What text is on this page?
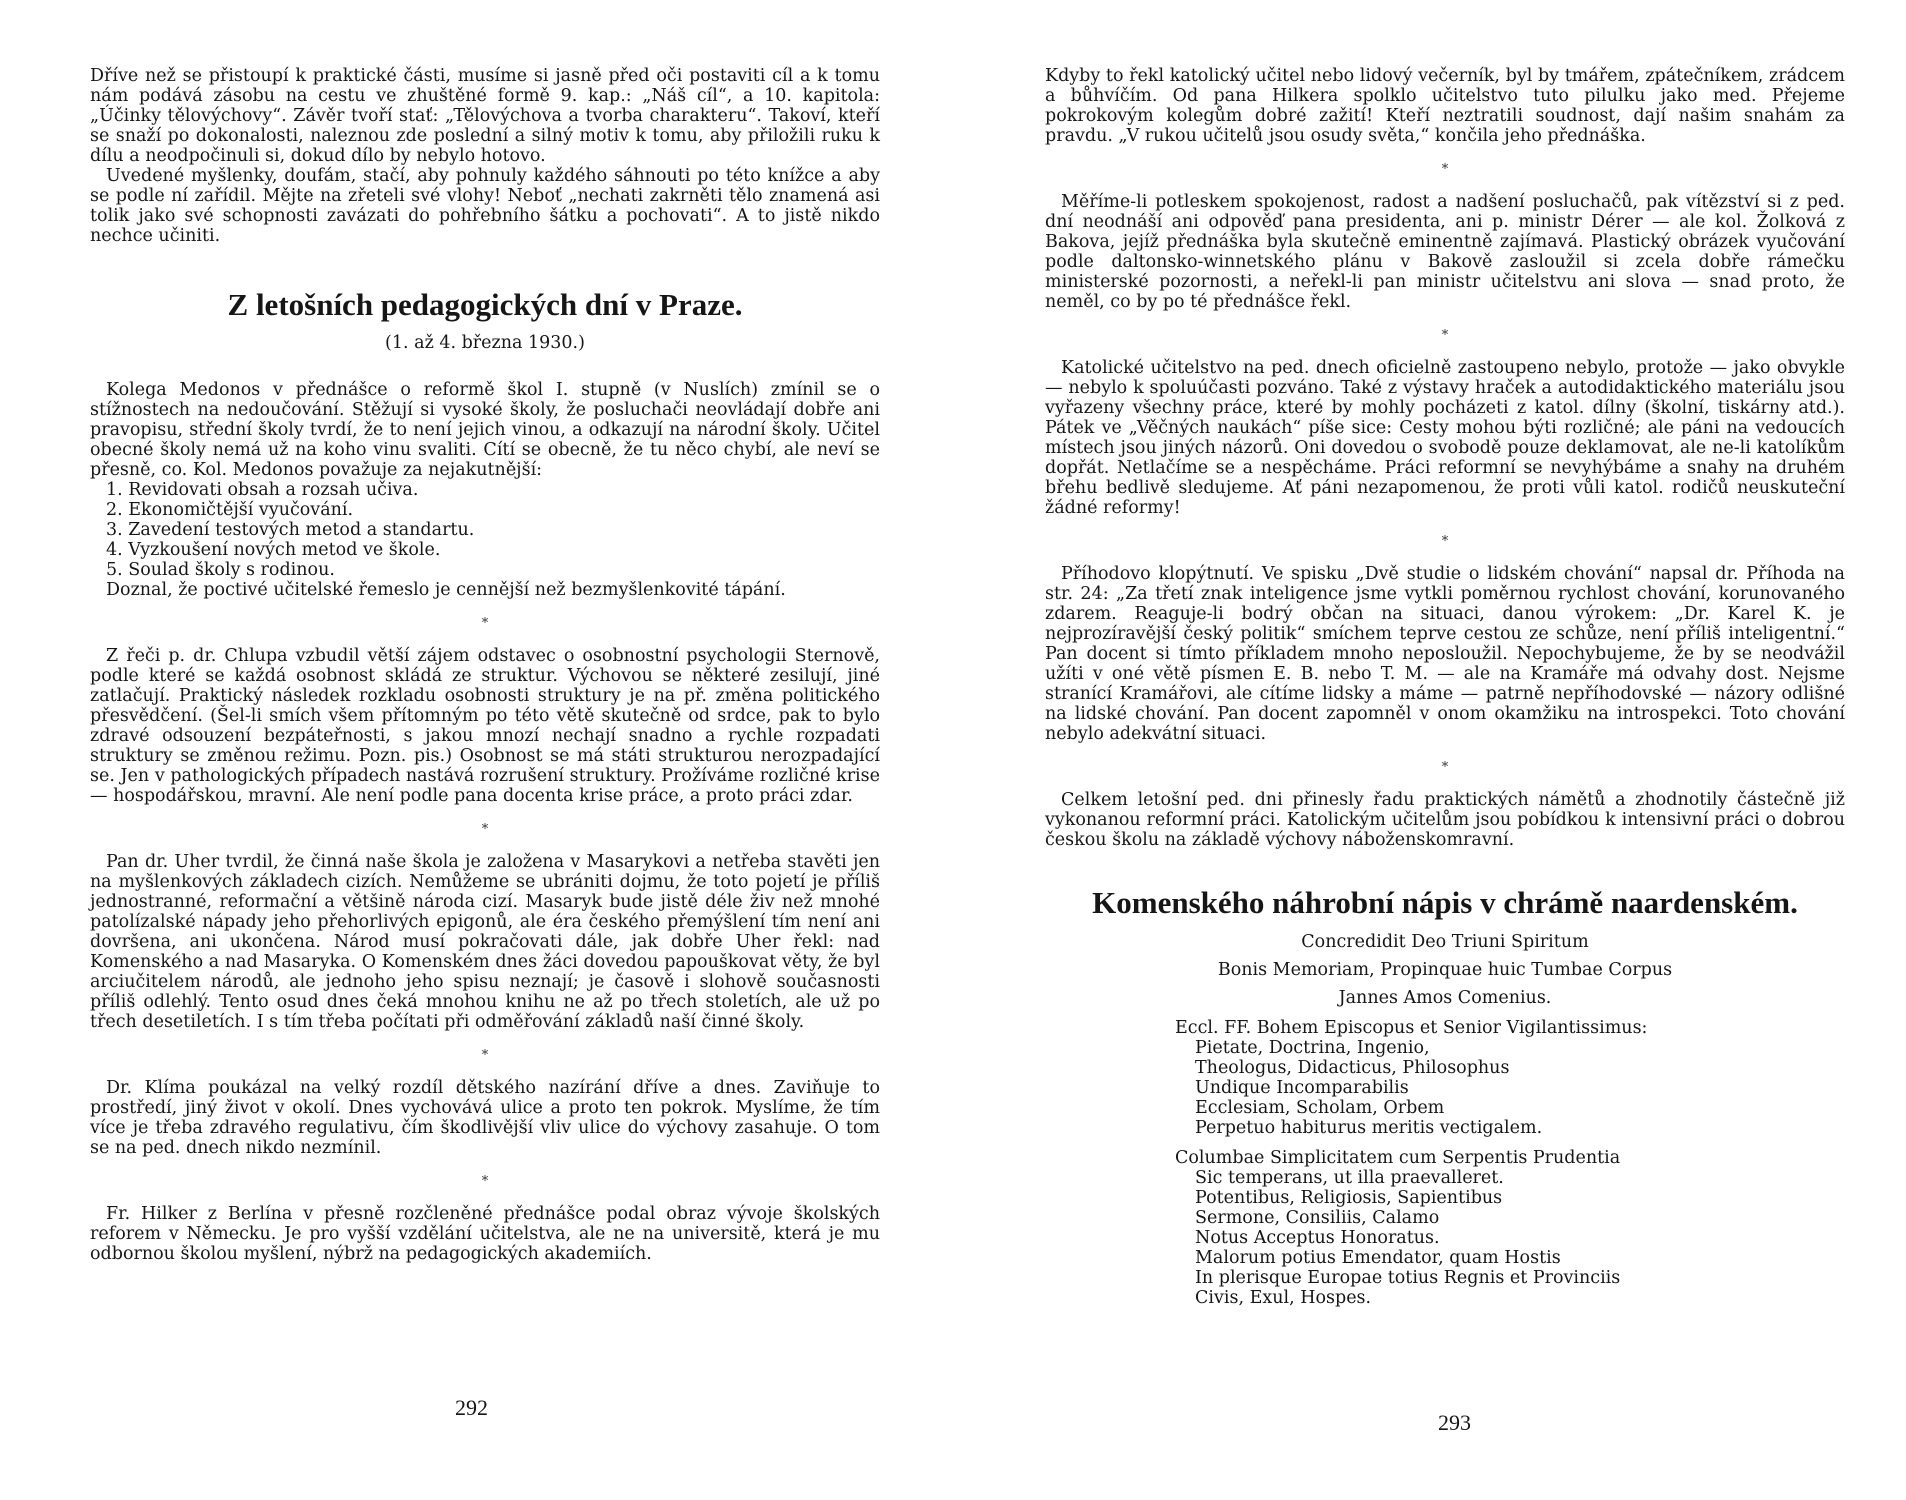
Dříve než se přistoupí k praktické části, musíme si jasně před oči postaviti cíl a k tomu nám podává zásobu na cestu ve zhuštěné formě 9. kap.: „Náš cíl“, a 10. kapitola: „Účinky tělovýchovy“. Závěr tvoří stať: „Tělovýchova a tvorba charakteru“. Takoví, kteří se snaží po dokonalosti, naleznou zde poslední a silný motiv k tomu, aby přiložili ruku k dílu a neodpočinuli si, dokud dílo by nebylo hotovo.

Uvedené myšlenky, doufám, stačí, aby pohnuly každého sáhnouti po této knížce a aby se podle ní zařídil. Mějte na zřeteli své vlohy! Neboť „nechati zakrněti tělo znamená asi tolik jako své schopnosti zavázati do pohřebního šátku a pochovati“. A to jistě nikdo nechce učiniti.

Z letošních pedagogických dní v Praze.
(1. až 4. března 1930.)

Kolega Medonos v přednášce o reformě škol I. stupně (v Nuslích) zmínil se o stížnostech na nedoučování. Stěžují si vysoké školy, že posluchači neovládají dobře ani pravopisu, střední školy tvrdí, že to není jejich vinou, a odkazují na národní školy. Učitel obecné školy nemá už na koho vinu svaliti. Cítí se obecně, že tu něco chybí, ale neví se přesně, co. Kol. Medonos považuje za nejakutnější:

1. Revidovati obsah a rozsah učiva.
2. Ekonomičtější vyučování.
3. Zavedení testových metod a standartu.
4. Vyzkoušení nových metod ve škole.
5. Soulad školy s rodinou.

Doznal, že poctivé učitelské řemeslo je cennější než bezmyšlenkovité tápání.

*

Z řeči p. dr. Chlupa vzbudil větší zájem odstavec o osobnostní psychologii Sternově, podle které se každá osobnost skládá ze struktur. Výchovou se některé zesilují, jiné zatlačují. Praktický následek rozkladu osobnosti struktury je na př. změna politického přesvědčení. (Šel-li smích všem přítomným po této větě skutečně od srdce, pak to bylo zdravé odsouzení bezpáteřnosti, s jakou mnozí nechají snadno a rychle rozpadati struktury se změnou režimu. Pozn. pis.) Osobnost se má státi strukturou nerozpadající se. Jen v pathologických případech nastává rozrušení struktury. Prožíváme rozličné krise — hospodářskou, mravní. Ale není podle pana docenta krise práce, a proto práci zdar.

*

Pan dr. Uher tvrdil, že činná naše škola je založena v Masarykovi a netřeba stavěti jen na myšlenkových základech cizích. Nemůžeme se ubrániti dojmu, že toto pojetí je příliš jednostranné, reformační a většině národa cizí. Masaryk bude jistě déle živ než mnohé patolízalské nápady jeho přehorlivých epigonů, ale éra českého přemýšlení tím není ani dovršena, ani ukončena. Národ musí pokračovati dále, jak dobře Uher řekl: nad Komenského a nad Masaryka. O Komenském dnes žáci dovedou papouškovat věty, že byl arciučitelem národů, ale jednoho jeho spisu neznají; je časově i slohově současnosti příliš odlehlý. Tento osud dnes čeká mnohou knihu ne až po třech stoletích, ale už po třech desetiletích. I s tím třeba počítati při odměřování základů naší činné školy.

*

Dr. Klíma poukázal na velký rozdíl dětského nazírání dříve a dnes. Zaviňuje to prostředí, jiný život v okolí. Dnes vychovává ulice a proto ten pokrok. Myslíme, že tím více je třeba zdravého regulativu, čím škodlivější vliv ulice do výchovy zasahuje. O tom se na ped. dnech nikdo nezmínil.

*

Fr. Hilker z Berlína v přesně rozčleněné přednášce podal obraz vývoje školských reforem v Německu. Je pro vyšší vzdělání učitelstva, ale ne na universitě, která je mu odbornou školou myšlení, nýbrž na pedagogických akademiích.

292

Kdyby to řekl katolický učitel nebo lidový večerník, byl by tmářem, zpátečníkem, zrádcem a bůhvíčím. Od pana Hilkera spolklo učitelstvo tuto pilulku jako med. Přejeme pokrokovým kolegům dobré zažití! Kteří neztratili soudnost, dají našim snahám za pravdu. „V rukou učitelů jsou osudy světa,“ končila jeho přednáška.

*

Měříme-li potleskem spokojenost, radost a nadšení posluchačů, pak vítězství si z ped. dní neodnáší ani odpověď pana presidenta, ani p. ministr Dérer — ale kol. Žolková z Bakova, jejíž přednáška byla skutečně eminentně zajímavá. Plastický obrázek vyučování podle daltonsko-winnetského plánu v Bakově zasloužil si zcela dobře rámečku ministerské pozornosti, a neřekl-li pan ministr učitelstvu ani slova — snad proto, že neměl, co by po té přednášce řekl.

*

Katolické učitelstvo na ped. dnech oficielně zastoupeno nebylo, protože — jako obvykle — nebylo k spoluúčasti pozváno. Také z výstavy hraček a autodidaktického materiálu jsou vyřazeny všechny práce, které by mohly pocházeti z katol. dílny (školní, tiskárny atd.). Pátek ve „Věčných naukách“ píše sice: Cesty mohou býti rozličné; ale páni na vedoucích místech jsou jiných názorů. Oni dovedou o svobodě pouze deklamovat, ale ne-li katolíkům dopřát. Netlačíme se a nespěcháme. Práci reformní se nevyhýbáme a snahy na druhém břehu bedlivě sledujeme. Ať páni nezapomenou, že proti vůli katol. rodičů neuskuteční žádné reformy!

*

Příhodovo klopýtnutí. Ve spisku „Dvě studie o lidském chování“ napsal dr. Příhoda na str. 24: „Za třetí znak inteligence jsme vytkli poměrnou rychlost chování, korunovaného zdarem. Reaguje-li bodrý občan na situaci, danou výrokem: „Dr. Karel K. je nejprozíravější český politik“ smíchem teprve cestou ze schůze, není příliš inteligentní.“ Pan docent si tímto příkladem mnoho neposloužil. Nepochybujeme, že by se neodvážil užíti v oné větě písmen E. B. nebo T. M. — ale na Kramáře má odvahy dost. Nejsme stranící Kramářovi, ale cítíme lidsky a máme — patrně nepříhodovské — názory odlišné na lidské chování. Pan docent zapomněl v onom okamžiku na introspekci. Toto chování nebylo adekvátní situaci.

*

Celkem letošní ped. dni přinesly řadu praktických námětů a zhodnotily částečně již vykonanou reformní práci. Katolickým učitelům jsou pobídkou k intensivní práci o dobrou českou školu na základě výchovy náboženskomravní.

Komenského náhrobní nápis v chrámě naardenském.
Concredidit Deo Triuni Spiritum
Bonis Memoriam, Propinquae huic Tumbae Corpus
Jannes Amos Comenius.
Eccl. FF. Bohem Episcopus et Senior Vigilantissimus:
Pietate, Doctrina, Ingenio,
Theologus, Didacticus, Philosophus
Undique Incomparabilis
Ecclesiam, Scholam, Orbem
Perpetuo habiturus meritis vectigalem.
Columbae Simplicitatem cum Serpentis Prudentia
Sic temperans, ut illa praevalleret.
Potentibus, Religiosis, Sapientibus
Sermone, Consiliis, Calamo
Notus Acceptus Honoratus.
Malorum potius Emendator, quam Hostis
In plerisque Europae totius Regnis et Provinciis
Civis, Exul, Hospes.
293
